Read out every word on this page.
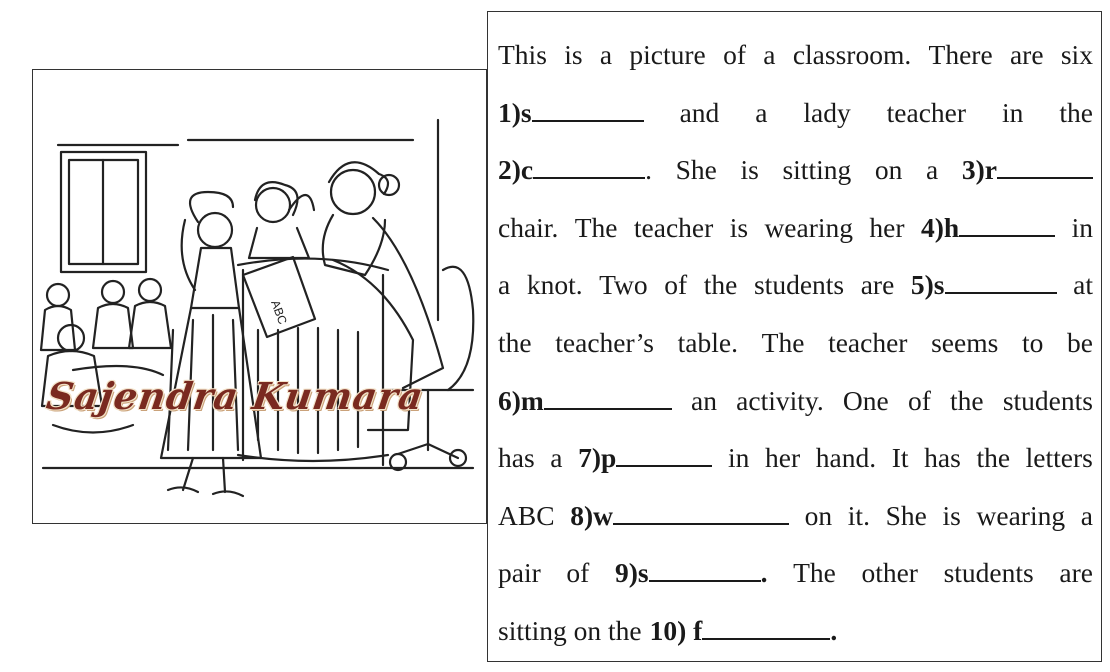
ABC
Sajendra Kumara
This is a picture of a classroom. There are six
1)s	and a lady teacher in the
2)c	. She is sitting on a 3)r
chair. The teacher is wearing her 4)h	in
a knot. Two of the students are 5)s	at
the teacher’s table. The teacher seems to be
6)m	an activity. One of the students
has a 7)p	in her hand. It has the letters
ABC 8)w	on it. She is wearing a
pair of 9)s	. The other students are
sitting on the 10) f	.
